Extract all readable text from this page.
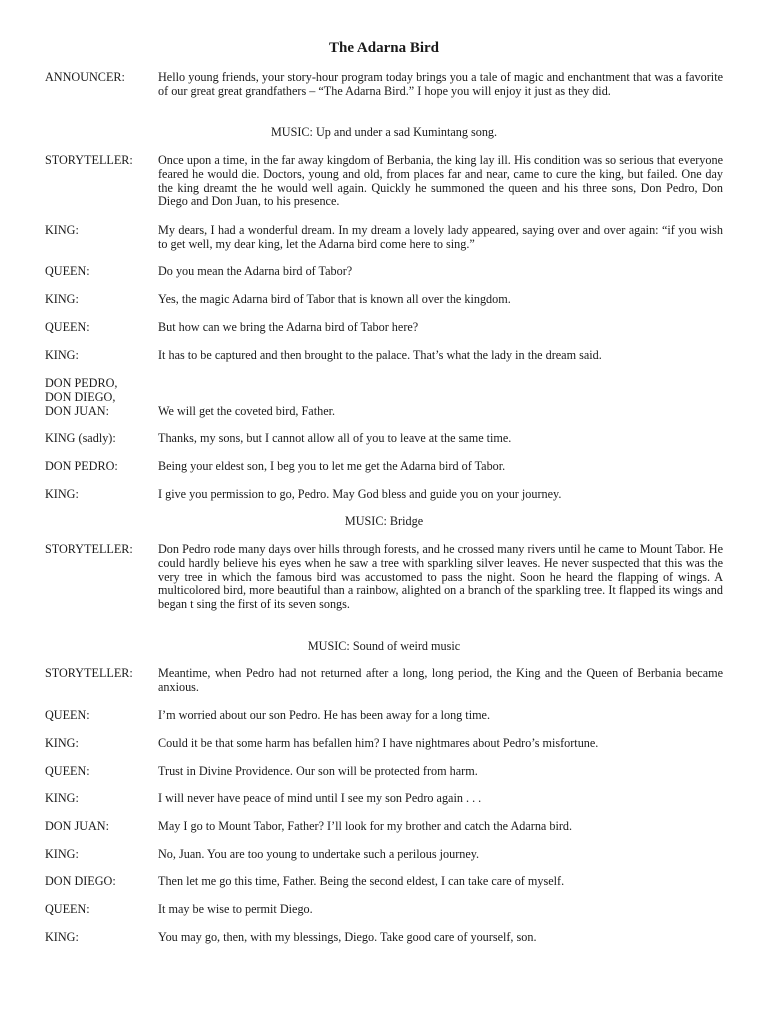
The Adarna Bird
ANNOUNCER:	Hello young friends, your story-hour program today brings you a tale of magic and enchantment that was a favorite of our great great grandfathers – “The Adarna Bird.” I hope you will enjoy it just as they did.
MUSIC: Up and under a sad Kumintang song.
STORYTELLER:	Once upon a time, in the far away kingdom of Berbania, the king lay ill. His condition was so serious that everyone feared he would die. Doctors, young and old, from places far and near, came to cure the king, but failed. One day the king dreamt the he would well again. Quickly he summoned the queen and his three sons, Don Pedro, Don Diego and Don Juan, to his presence.
KING:	My dears, I had a wonderful dream. In my dream a lovely lady appeared, saying over and over again: “if you wish to get well, my dear king, let the Adarna bird come here to sing.”
QUEEN:	Do you mean the Adarna bird of Tabor?
KING:	Yes, the magic Adarna bird of Tabor that is known all over the kingdom.
QUEEN:	But how can we bring the Adarna bird of Tabor here?
KING:	It has to be captured and then brought to the palace. That’s what the lady in the dream said.
DON PEDRO,
DON DIEGO,
DON JUAN:	We will get the coveted bird, Father.
KING (sadly):	Thanks, my sons, but I cannot allow all of you to leave at the same time.
DON PEDRO:	Being your eldest son, I beg you to let me get the Adarna bird of Tabor.
KING:	I give you permission to go, Pedro. May God bless and guide you on your journey.
MUSIC: Bridge
STORYTELLER:	Don Pedro rode many days over hills through forests, and he crossed many rivers until he came to Mount Tabor. He could hardly believe his eyes when he saw a tree with sparkling silver leaves. He never suspected that this was the very tree in which the famous bird was accustomed to pass the night. Soon he heard the flapping of wings. A multicolored bird, more beautiful than a rainbow, alighted on a branch of the sparkling tree. It flapped its wings and began t sing the first of its seven songs.
MUSIC: Sound of weird music
STORYTELLER:	Meantime, when Pedro had not returned after a long, long period, the King and the Queen of Berbania became anxious.
QUEEN:	I’m worried about our son Pedro. He has been away for a long time.
KING:	Could it be that some harm has befallen him? I have nightmares about Pedro’s misfortune.
QUEEN:	Trust in Divine Providence. Our son will be protected from harm.
KING:	I will never have peace of mind until I see my son Pedro again . . .
DON JUAN:	May I go to Mount Tabor, Father? I’ll look for my brother and catch the Adarna bird.
KING:	No, Juan. You are too young to undertake such a perilous journey.
DON DIEGO:	Then let me go this time, Father. Being the second eldest, I can take care of myself.
QUEEN:	It may be wise to permit Diego.
KING:	You may go, then, with my blessings, Diego. Take good care of yourself, son.
